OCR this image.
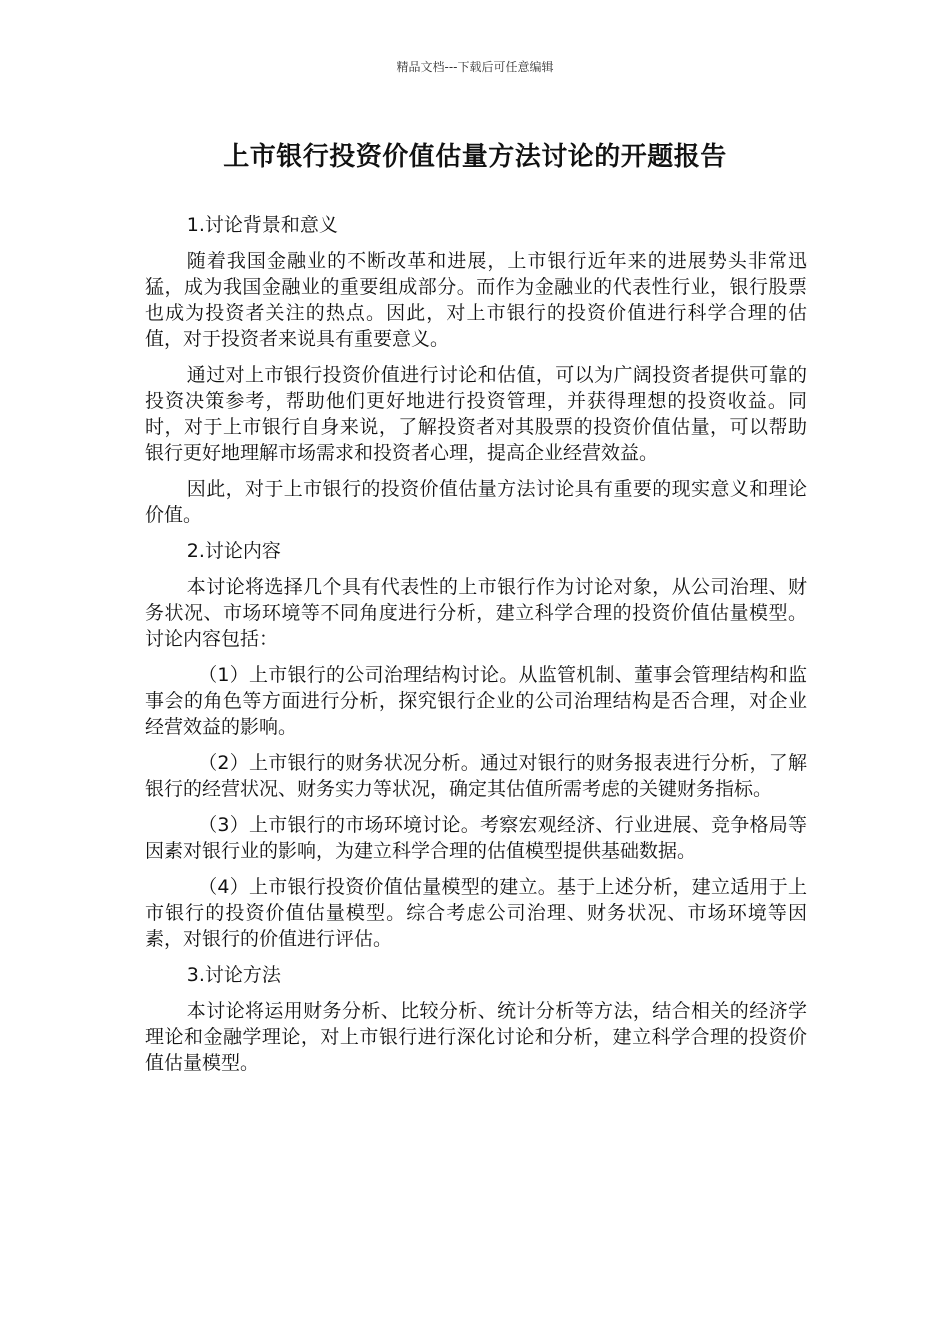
精品文档---下载后可任意编辑
上市银行投资价值估量方法讨论的开题报告

1.讨论背景和意义

随着我国金融业的不断改革和进展，上市银行近年来的进展势头非常迅猛，成为我国金融业的重要组成部分。而作为金融业的代表性行业，银行股票也成为投资者关注的热点。因此，对上市银行的投资价值进行科学合理的估值，对于投资者来说具有重要意义。

通过对上市银行投资价值进行讨论和估值，可以为广阔投资者提供可靠的投资决策参考，帮助他们更好地进行投资管理，并获得理想的投资收益。同时，对于上市银行自身来说，了解投资者对其股票的投资价值估量，可以帮助银行更好地理解市场需求和投资者心理，提高企业经营效益。

因此，对于上市银行的投资价值估量方法讨论具有重要的现实意义和理论价值。

2.讨论内容

本讨论将选择几个具有代表性的上市银行作为讨论对象，从公司治理、财务状况、市场环境等不同角度进行分析，建立科学合理的投资价值估量模型。讨论内容包括：

（1）上市银行的公司治理结构讨论。从监管机制、董事会管理结构和监事会的角色等方面进行分析，探究银行企业的公司治理结构是否合理，对企业经营效益的影响。

（2）上市银行的财务状况分析。通过对银行的财务报表进行分析，了解银行的经营状况、财务实力等状况，确定其估值所需考虑的关键财务指标。

（3）上市银行的市场环境讨论。考察宏观经济、行业进展、竞争格局等因素对银行业的影响，为建立科学合理的估值模型提供基础数据。

（4）上市银行投资价值估量模型的建立。基于上述分析，建立适用于上市银行的投资价值估量模型。综合考虑公司治理、财务状况、市场环境等因素，对银行的价值进行评估。

3.讨论方法

本讨论将运用财务分析、比较分析、统计分析等方法，结合相关的经济学理论和金融学理论，对上市银行进行深化讨论和分析，建立科学合理的投资价值估量模型。
